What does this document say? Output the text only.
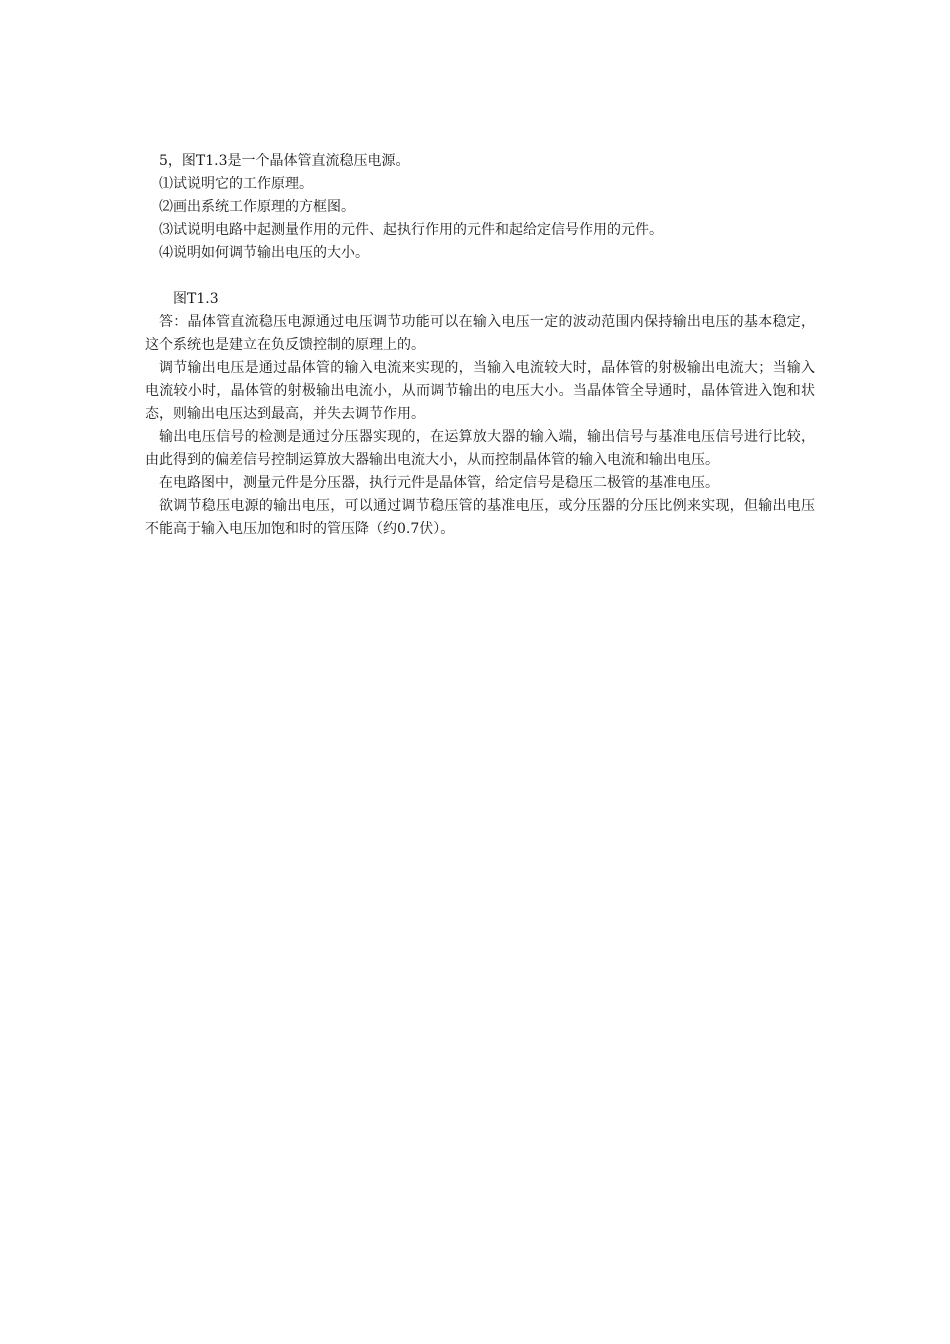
5，图T1.3是一个晶体管直流稳压电源。
⑴试说明它的工作原理。
⑵画出系统工作原理的方框图。
⑶试说明电路中起测量作用的元件、起执行作用的元件和起给定信号作用的元件。
⑷说明如何调节输出电压的大小。
图T1.3

答：晶体管直流稳压电源通过电压调节功能可以在输入电压一定的波动范围内保持输出电压的基本稳定，这个系统也是建立在负反馈控制的原理上的。

调节输出电压是通过晶体管的输入电流来实现的，当输入电流较大时，晶体管的射极输出电流大；当输入电流较小时，晶体管的射极输出电流小，从而调节输出的电压大小。当晶体管全导通时，晶体管进入饱和状态，则输出电压达到最高，并失去调节作用。

输出电压信号的检测是通过分压器实现的，在运算放大器的输入端，输出信号与基准电压信号进行比较，由此得到的偏差信号控制运算放大器输出电流大小，从而控制晶体管的输入电流和输出电压。

在电路图中，测量元件是分压器，执行元件是晶体管，给定信号是稳压二极管的基准电压。

欲调节稳压电源的输出电压，可以通过调节稳压管的基准电压，或分压器的分压比例来实现，但输出电压不能高于输入电压加饱和时的管压降（约0.7伏）。
